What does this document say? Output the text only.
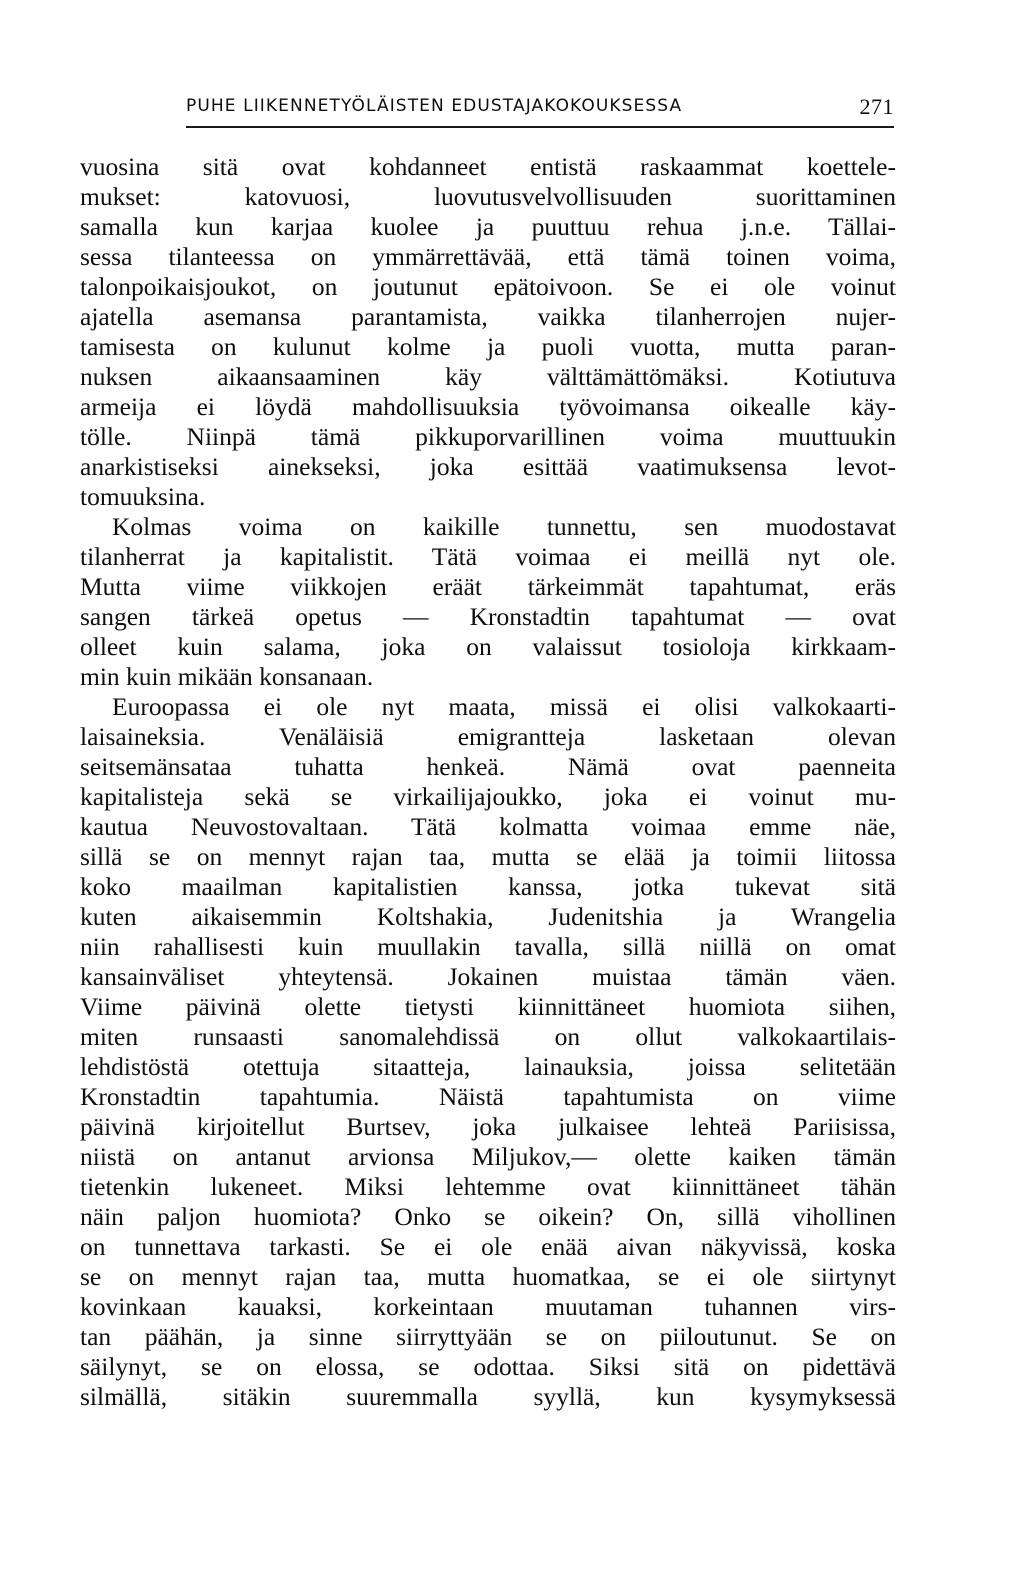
PUHE LIIKENNETYÖLÄISTEN EDUSTAJAKOKOUKSESSA	271
vuosina sitä ovat kohdanneet entistä raskaammat koettele-
mukset: katovuosi, luovutusvelvollisuuden suorittaminen
samalla kun karjaa kuolee ja puuttuu rehua j.n.e. Tällai-
sessa tilanteessa on ymmärrettävää, että tämä toinen voima,
talonpoikaisjoukot, on joutunut epätoivoon. Se ei ole voinut
ajatella asemansa parantamista, vaikka tilanherrojen nujer-
tamisesta on kulunut kolme ja puoli vuotta, mutta paran-
nuksen aikaansaaminen käy välttämättömäksi. Kotiutuva
armeija ei löydä mahdollisuuksia työvoimansa oikealle käy-
tölle. Niinpä tämä pikkuporvarillinen voima muuttuukin
anarkistiseksi ainekseksi, joka esittää vaatimuksensa levot-
tomuuksina.
Kolmas voima on kaikille tunnettu, sen muodostavat
tilanherrat ja kapitalistit. Tätä voimaa ei meillä nyt ole.
Mutta viime viikkojen eräät tärkeimmät tapahtumat, eräs
sangen tärkeä opetus — Kronstadtin tapahtumat — ovat
olleet kuin salama, joka on valaissut tosioloja kirkkaam-
min kuin mikään konsanaan.
Euroopassa ei ole nyt maata, missä ei olisi valkokaarti-
laisaineksia. Venäläisiä emigrantteja lasketaan olevan
seitsemänsataa tuhatta henkeä. Nämä ovat paenneita
kapitalisteja sekä se virkailijajoukko, joka ei voinut mu-
kautua Neuvostovaltaan. Tätä kolmatta voimaa emme näe,
sillä se on mennyt rajan taa, mutta se elää ja toimii liitossa
koko maailman kapitalistien kanssa, jotka tukevat sitä
kuten aikaisemmin Koltshakia, Judenitshia ja Wrangelia
niin rahallisesti kuin muullakin tavalla, sillä niillä on omat
kansainväliset yhteytensä. Jokainen muistaa tämän väen.
Viime päivinä olette tietysti kiinnittäneet huomiota siihen,
miten runsaasti sanomalehdissä on ollut valkokaartilais-
lehdistöstä otettuja sitaatteja, lainauksia, joissa selitetään
Kronstadtin tapahtumia. Näistä tapahtumista on viime
päivinä kirjoitellut Burtsev, joka julkaisee lehteä Pariisissa,
niistä on antanut arvionsa Miljukov,— olette kaiken tämän
tietenkin lukeneet. Miksi lehtemme ovat kiinnittäneet tähän
näin paljon huomiota? Onko se oikein? On, sillä vihollinen
on tunnettava tarkasti. Se ei ole enää aivan näkyvissä, koska
se on mennyt rajan taa, mutta huomatkaa, se ei ole siirtynyt
kovinkaan kauaksi, korkeintaan muutaman tuhannen virs-
tan päähän, ja sinne siirryttyään se on piiloutunut. Se on
säilynyt, se on elossa, se odottaa. Siksi sitä on pidettävä
silmällä, sitäkin suuremmalla syyllä, kun kysymyksessä
